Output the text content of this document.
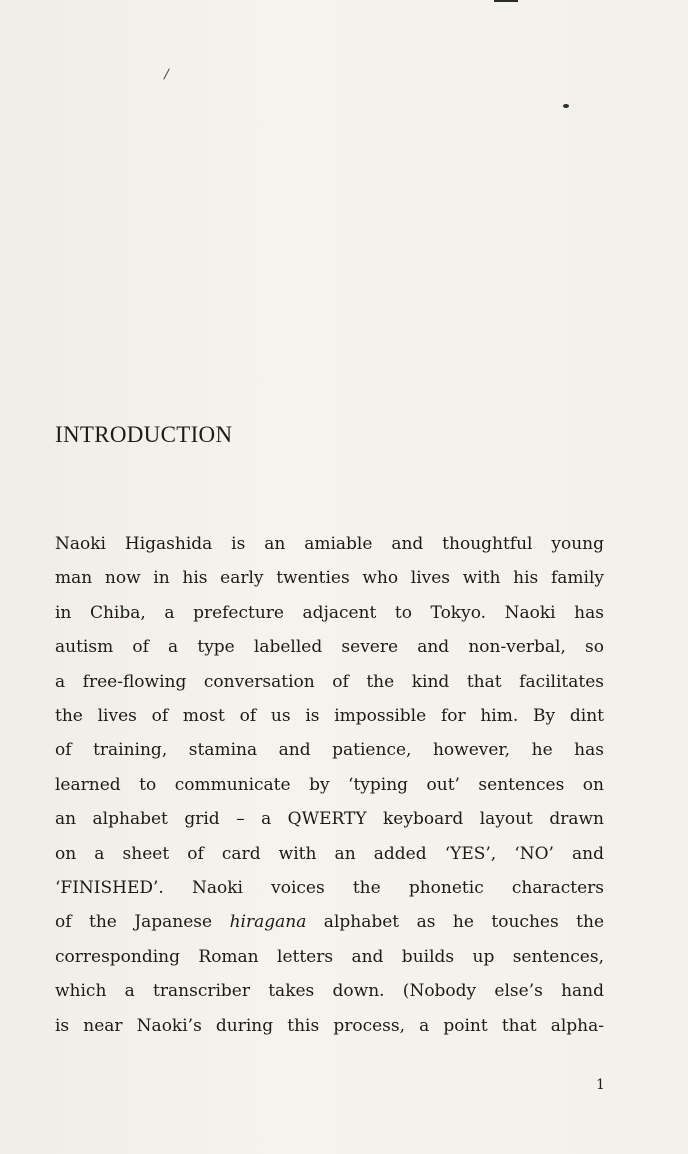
INTRODUCTION

Naoki Higashida is an amiable and thoughtful young
man now in his early twenties who lives with his family
in Chiba, a prefecture adjacent to Tokyo. Naoki has
autism of a type labelled severe and non-verbal, so
a free-flowing conversation of the kind that facilitates
the lives of most of us is impossible for him. By dint
of training, stamina and patience, however, he has
learned to communicate by ‘typing out’ sentences on
an alphabet grid – a QWERTY keyboard layout drawn
on a sheet of card with an added ‘YES’, ‘NO’ and
‘FINISHED’. Naoki voices the phonetic characters
of the Japanese hiragana alphabet as he touches the
corresponding Roman letters and builds up sentences,
which a transcriber takes down. (Nobody else’s hand
is near Naoki’s during this process, a point that alpha-

1
